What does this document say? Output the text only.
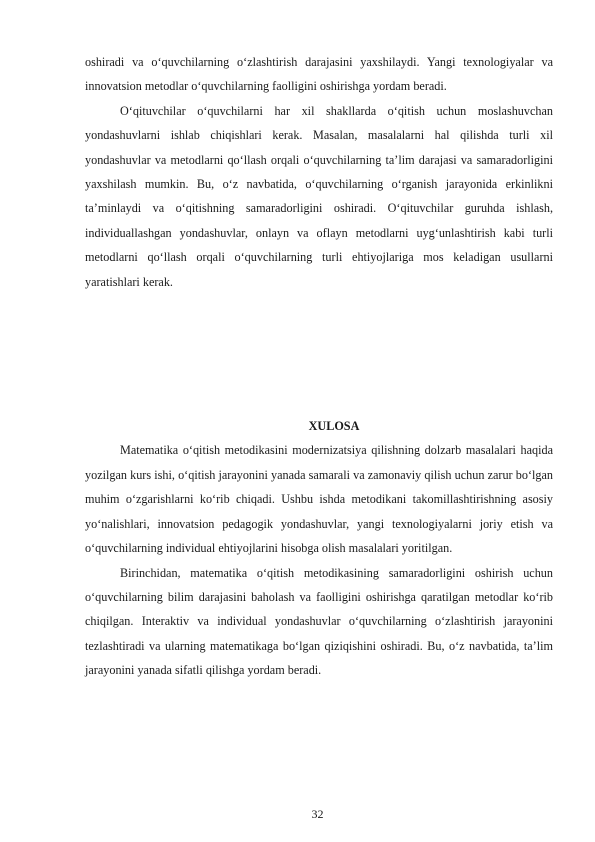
oshiradi va o‘quvchilarning o‘zlashtirish darajasini yaxshilaydi. Yangi texnologiyalar va innovatsion metodlar o‘quvchilarning faolligini oshirishga yordam beradi.

O‘qituvchilar o‘quvchilarni har xil shakllarda o‘qitish uchun moslashuvchan yondashuvlarni ishlab chiqishlari kerak. Masalan, masalalarni hal qilishda turli xil yondashuvlar va metodlarni qo‘llash orqali o‘quvchilarning ta’lim darajasi va samaradorligini yaxshilash mumkin. Bu, o‘z navbatida, o‘quvchilarning o‘rganish jarayonida erkinlikni ta’minlaydi va o‘qitishning samaradorligini oshiradi. O‘qituvchilar guruhda ishlash, individuallashgan yondashuvlar, onlayn va oflayn metodlarni uyg‘unlashtirish kabi turli metodlarni qo‘llash orqali o‘quvchilarning turli ehtiyojlariga mos keladigan usullarni yaratishlari kerak.

XULOSA

Matematika o‘qitish metodikasini modernizatsiya qilishning dolzarb masalalari haqida yozilgan kurs ishi, o‘qitish jarayonini yanada samarali va zamonaviy qilish uchun zarur bo‘lgan muhim o‘zgarishlarni ko‘rib chiqadi. Ushbu ishda metodikani takomillashtirishning asosiy yo‘nalishlari, innovatsion pedagogik yondashuvlar, yangi texnologiyalarni joriy etish va o‘quvchilarning individual ehtiyojlarini hisobga olish masalalari yoritilgan.

Birinchidan, matematika o‘qitish metodikasining samaradorligini oshirish uchun o‘quvchilarning bilim darajasini baholash va faolligini oshirishga qaratilgan metodlar ko‘rib chiqilgan. Interaktiv va individual yondashuvlar o‘quvchilarning o‘zlashtirish jarayonini tezlashtiradi va ularning matematikaga bo‘lgan qiziqishini oshiradi. Bu, o‘z navbatida, ta’lim jarayonini yanada sifatli qilishga yordam beradi.

32
